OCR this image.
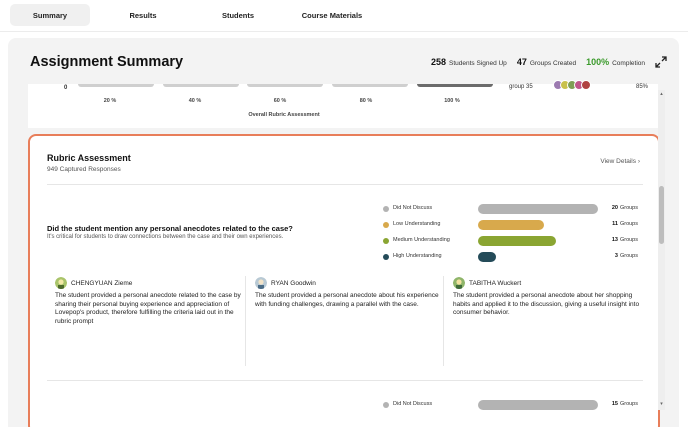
Summary	Results	Students	Course Materials
Assignment Summary	258 Students Signed Up 47 Groups Created 100% Completion
0
20 %	40 %	60 %	80 %	100 %
Overall Rubric Assessment
group 35	85%
Rubric Assessment
949 Captured Responses
View Details ›
Did the student mention any personal anecdotes related to the case?
It's critical for students to draw connections between the case and their own experiences.
Did Not Discuss	20 Groups
Low Understanding	11 Groups
Medium Understanding	13 Groups
High Understanding	3 Groups
CHENGYUAN Zieme
The student provided a personal anecdote related to the case by sharing their personal buying experience and appreciation of Lovepop's product, therefore fulfilling the criteria laid out in the rubric prompt
RYAN Goodwin
The student provided a personal anecdote about his experience with funding challenges, drawing a parallel with the case.
TABITHA Wuckert
The student provided a personal anecdote about her shopping habits and applied it to the discussion, giving a useful insight into consumer behavior.
Did Not Discuss	15 Groups
▴
▾
